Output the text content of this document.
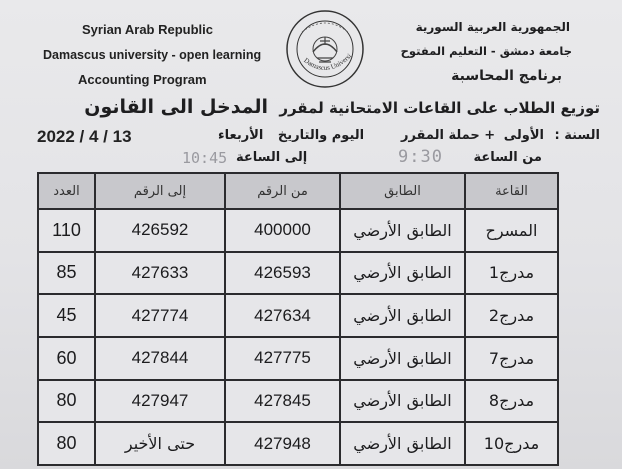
Syrian Arab Republic
Damascus university - open learning
Accounting Program
Damascus Universi
الجمهورية العربية السورية
جامعة دمشق - التعليم المفتوح
برنامج المحاسبة
توزيع الطلاب على القاعات الامتحانية لمقرر المدخل الى القانون
السنة : الأولى + حملة المقرر
اليوم والتاريخ الأربعاء
2022 / 4 / 13
من الساعة
9:30
إلى الساعة
10:45
القاعة	الطابق	من الرقم	إلى الرقم	العدد
المسرح	الطابق الأرضي	400000	426592	110
مدرج1	الطابق الأرضي	426593	427633	85
مدرج2	الطابق الأرضي	427634	427774	45
مدرج7	الطابق الأرضي	427775	427844	60
مدرج8	الطابق الأرضي	427845	427947	80
مدرج10	الطابق الأرضي	427948	حتى الأخير	80
